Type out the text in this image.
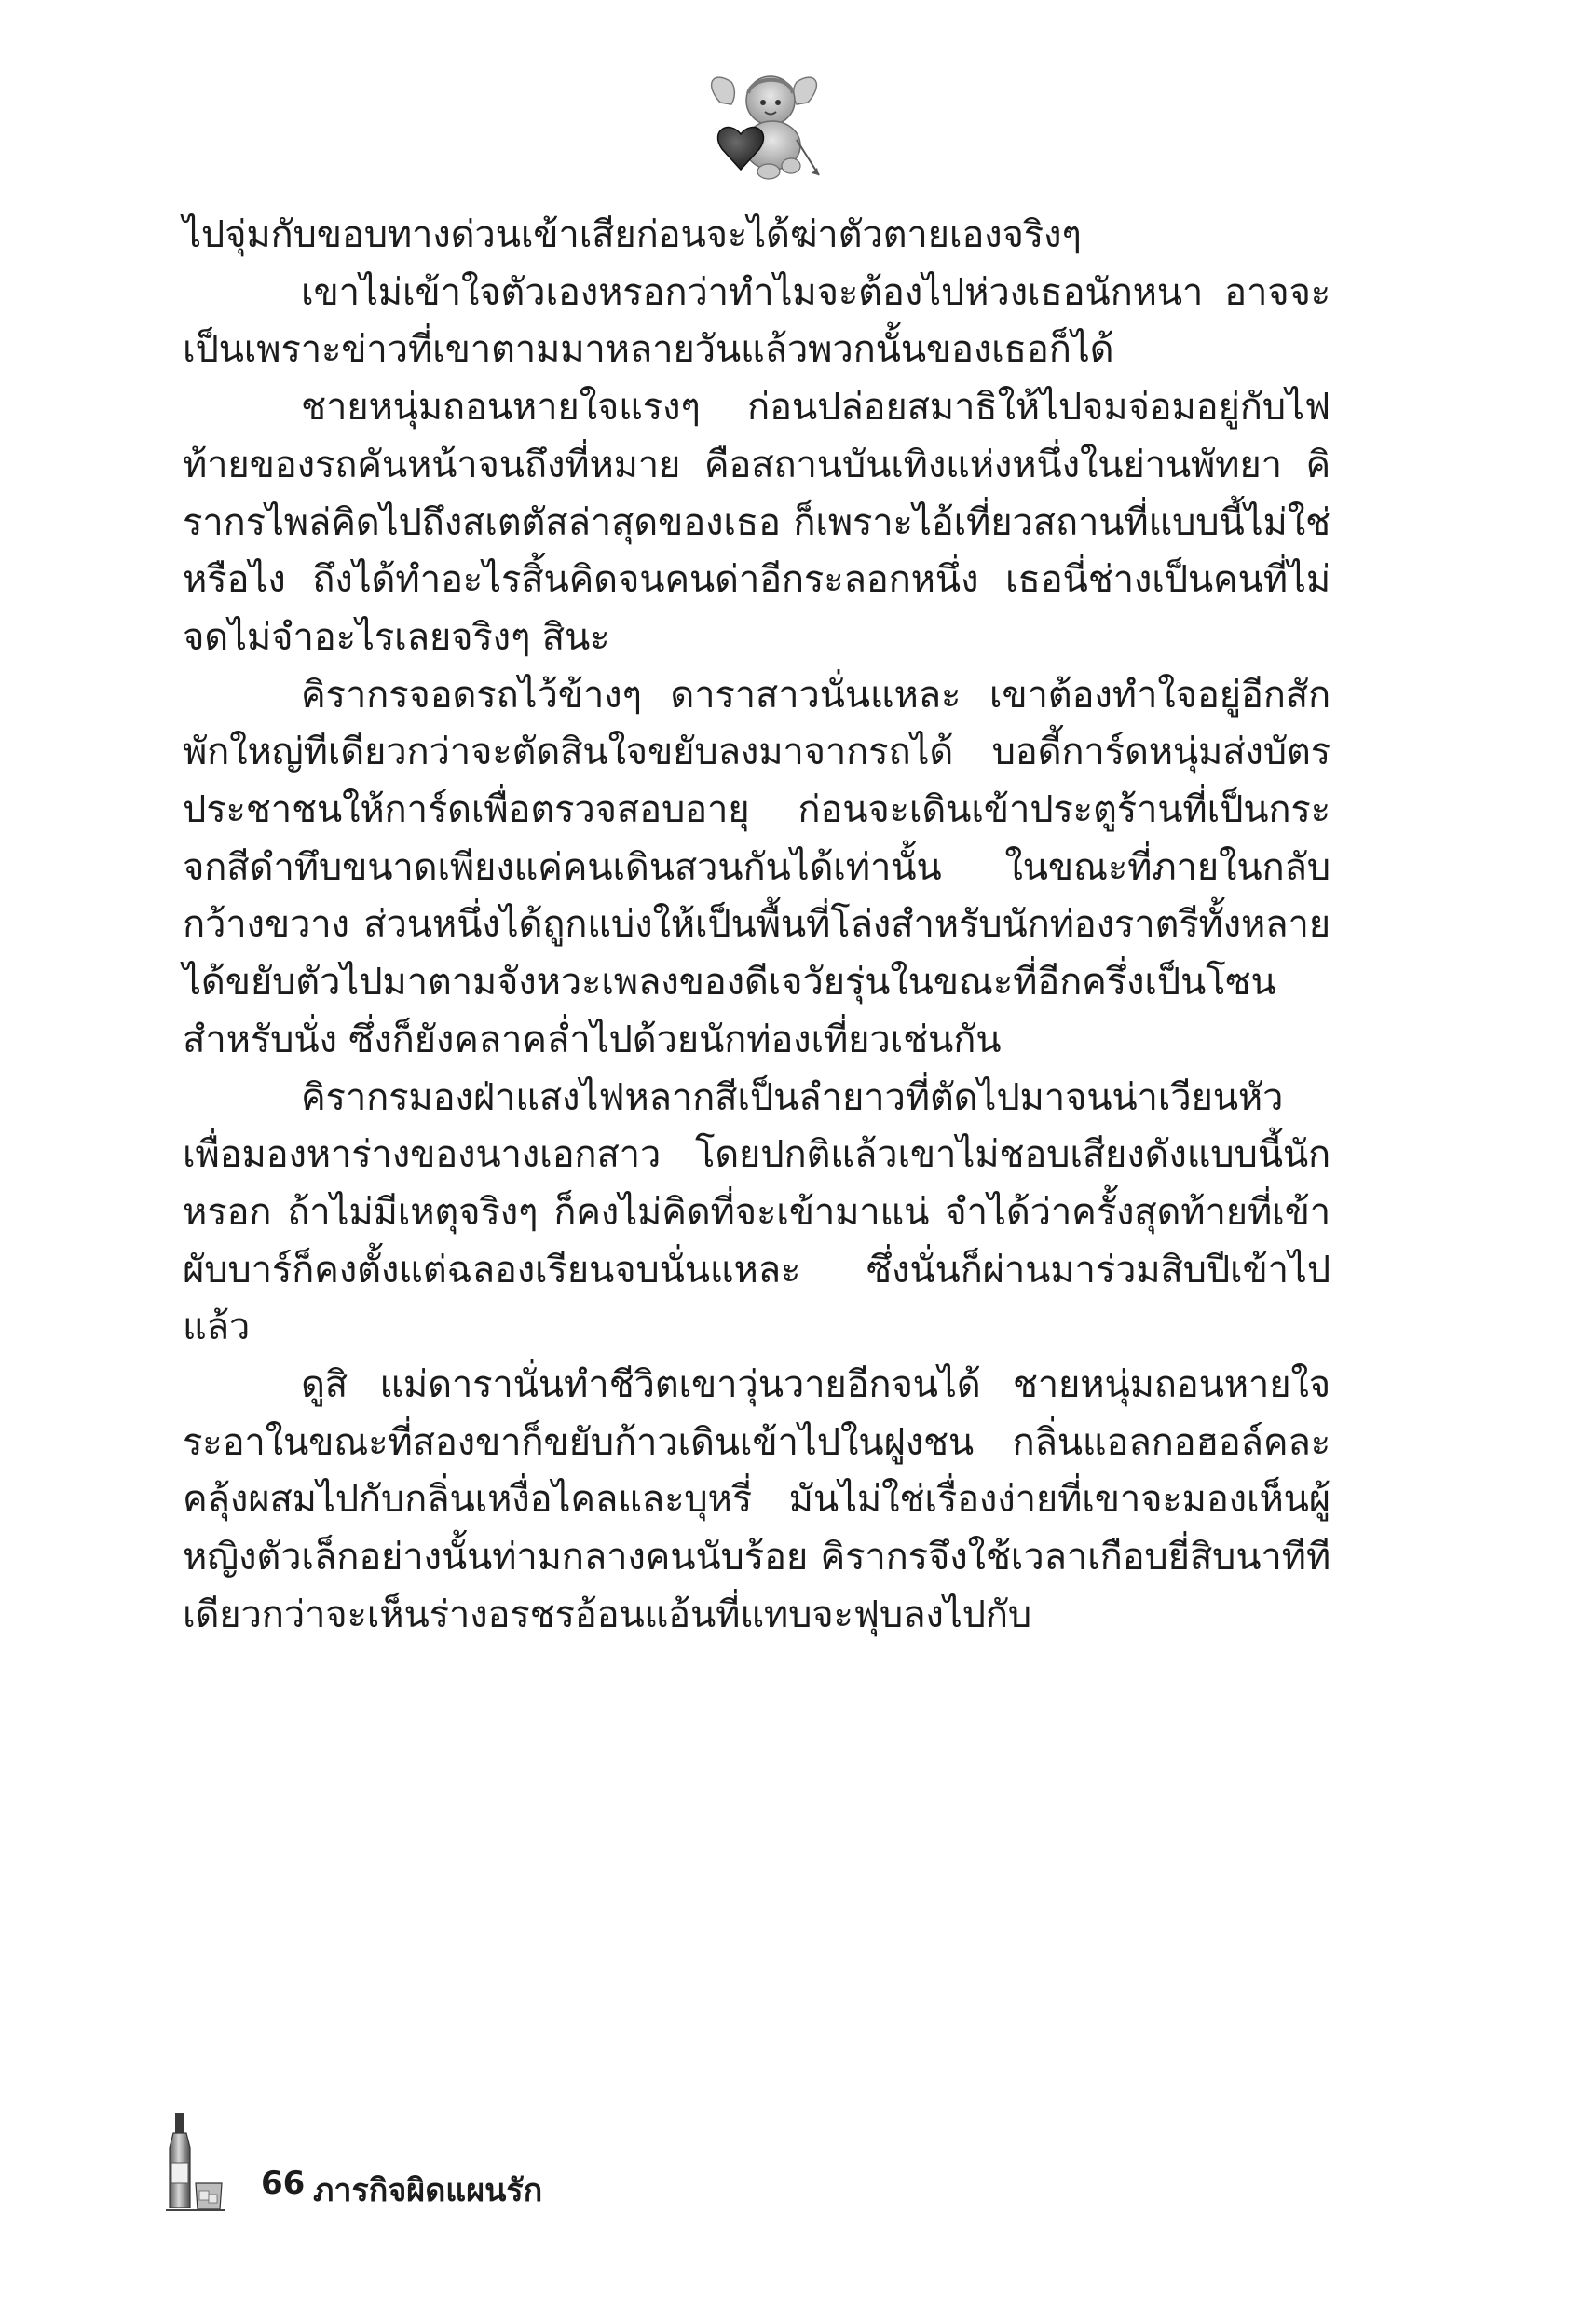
ไปจุ่มกับขอบทางด่วนเข้าเสียก่อนจะได้ฆ่าตัวตายเองจริงๆ

เขาไม่เข้าใจตัวเองหรอกว่าทำไมจะต้องไปห่วงเธอนักหนา อาจจะเป็นเพราะข่าวที่เขาตามมาหลายวันแล้วพวกนั้นของเธอก็ได้

ชายหนุ่มถอนหายใจแรงๆ ก่อนปล่อยสมาธิให้ไปจมจ่อมอยู่กับไฟท้ายของรถคันหน้าจนถึงที่หมาย คือสถานบันเทิงแห่งหนึ่งในย่านพัทยา คิรากรไพล่คิดไปถึงสเตตัสล่าสุดของเธอ ก็เพราะไอ้เที่ยวสถานที่แบบนี้ไม่ใช่หรือไง ถึงได้ทำอะไรสิ้นคิดจนคนด่าอีกระลอกหนึ่ง เธอนี่ช่างเป็นคนที่ไม่จดไม่จำอะไรเลยจริงๆ สินะ

คิรากรจอดรถไว้ข้างๆ ดาราสาวนั่นแหละ เขาต้องทำใจอยู่อีกสักพักใหญ่ทีเดียวกว่าจะตัดสินใจขยับลงมาจากรถได้ บอดี้การ์ดหนุ่มส่งบัตรประชาชนให้การ์ดเพื่อตรวจสอบอายุ ก่อนจะเดินเข้าประตูร้านที่เป็นกระจกสีดำทึบขนาดเพียงแค่คนเดินสวนกันได้เท่านั้น ในขณะที่ภายในกลับกว้างขวาง ส่วนหนึ่งได้ถูกแบ่งให้เป็นพื้นที่โล่งสำหรับนักท่องราตรีทั้งหลายได้ขยับตัวไปมาตามจังหวะเพลงของดีเจวัยรุ่นในขณะที่อีกครึ่งเป็นโซนสำหรับนั่ง ซึ่งก็ยังคลาคล่ำไปด้วยนักท่องเที่ยวเช่นกัน

คิรากรมองฝ่าแสงไฟหลากสีเป็นลำยาวที่ตัดไปมาจนน่าเวียนหัวเพื่อมองหาร่างของนางเอกสาว โดยปกติแล้วเขาไม่ชอบเสียงดังแบบนี้นักหรอก ถ้าไม่มีเหตุจริงๆ ก็คงไม่คิดที่จะเข้ามาแน่ จำได้ว่าครั้งสุดท้ายที่เข้าผับบาร์ก็คงตั้งแต่ฉลองเรียนจบนั่นแหละ ซึ่งนั่นก็ผ่านมาร่วมสิบปีเข้าไปแล้ว

ดูสิ แม่ดารานั่นทำชีวิตเขาวุ่นวายอีกจนได้ ชายหนุ่มถอนหายใจระอาในขณะที่สองขาก็ขยับก้าวเดินเข้าไปในฝูงชน กลิ่นแอลกอฮอล์คละคลุ้งผสมไปกับกลิ่นเหงื่อไคลและบุหรี่ มันไม่ใช่เรื่องง่ายที่เขาจะมองเห็นผู้หญิงตัวเล็กอย่างนั้นท่ามกลางคนนับร้อย คิรากรจึงใช้เวลาเกือบยี่สิบนาทีทีเดียวกว่าจะเห็นร่างอรชรอ้อนแอ้นที่แทบจะฟุบลงไปกับ

66 ภารกิจผิดแผนรัก
